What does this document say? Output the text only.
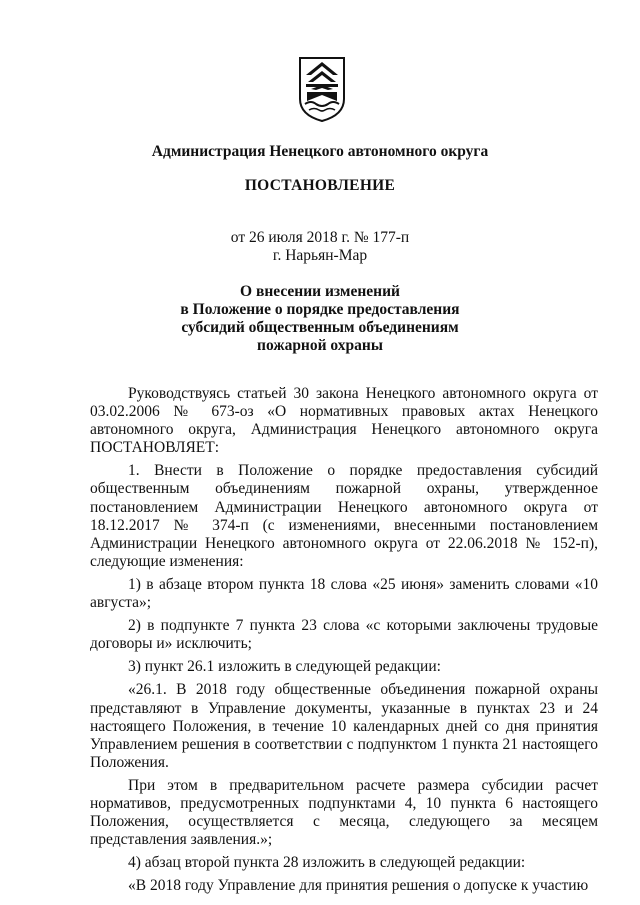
Администрация Ненецкого автономного округа
ПОСТАНОВЛЕНИЕ
от 26 июля 2018 г. № 177-п
г. Нарьян-Мар
О внесении изменений
в Положение о порядке предоставления
субсидий общественным объединениям
пожарной охраны

Руководствуясь статьей 30 закона Ненецкого автономного округа от 03.02.2006 № 673-оз «О нормативных правовых актах Ненецкого автономного округа, Администрация Ненецкого автономного округа ПОСТАНОВЛЯЕТ:

1. Внести в Положение о порядке предоставления субсидий общественным объединениям пожарной охраны, утвержденное постановлением Администрации Ненецкого автономного округа от 18.12.2017 № 374-п (с изменениями, внесенными постановлением Администрации Ненецкого автономного округа от 22.06.2018 № 152-п), следующие изменения:

1) в абзаце втором пункта 18 слова «25 июня» заменить словами «10 августа»;

2) в подпункте 7 пункта 23 слова «с которыми заключены трудовые договоры и» исключить;

3) пункт 26.1 изложить в следующей редакции:

«26.1. В 2018 году общественные объединения пожарной охраны представляют в Управление документы, указанные в пунктах 23 и 24 настоящего Положения, в течение 10 календарных дней со дня принятия Управлением решения в соответствии с подпунктом 1 пункта 21 настоящего Положения.

При этом в предварительном расчете размера субсидии расчет нормативов, предусмотренных подпунктами 4, 10 пункта 6 настоящего Положения, осуществляется с месяца, следующего за месяцем представления заявления.»;

4) абзац второй пункта 28 изложить в следующей редакции:

«В 2018 году Управление для принятия решения о допуске к участию
